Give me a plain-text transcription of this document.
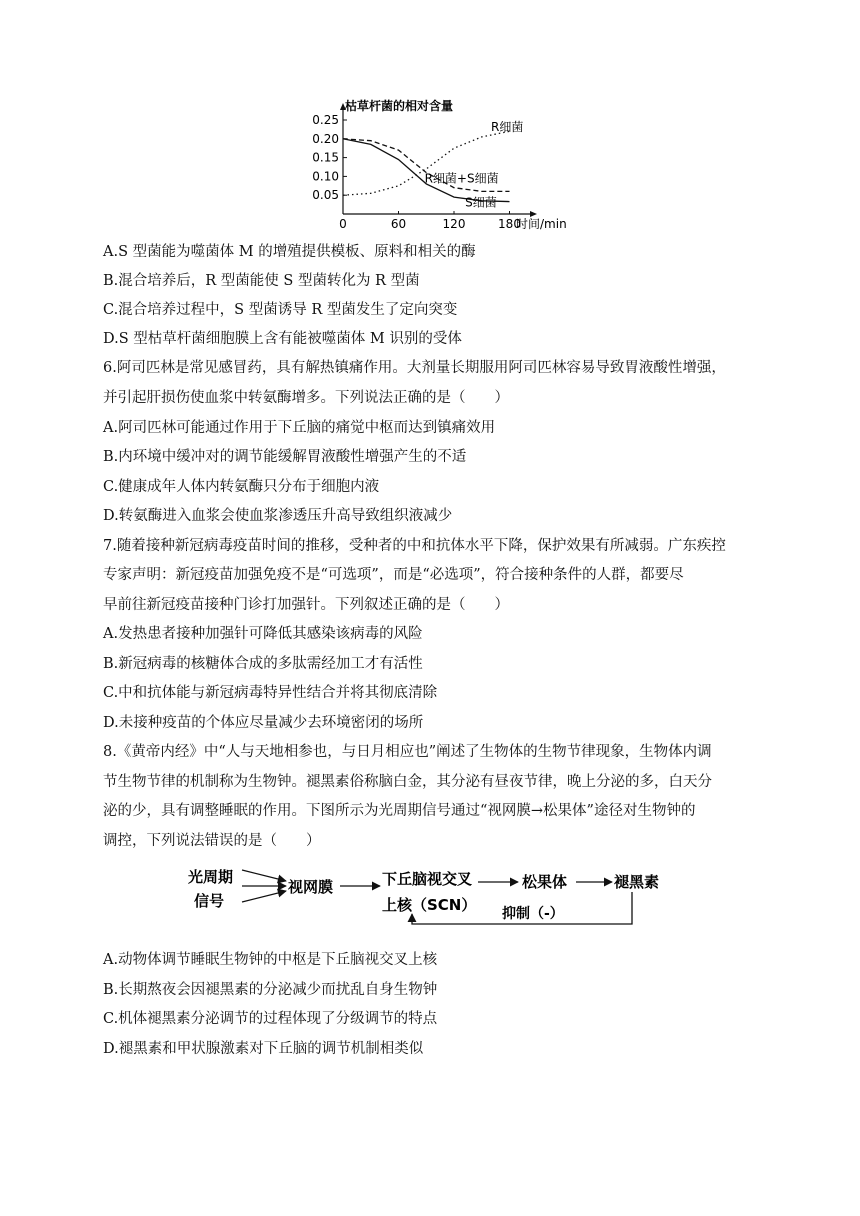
0.05
0.10
0.15
0.20
0.25
0	60	120	180
枯草杆菌的相对含量
时间/min
R细菌
R细菌+S细菌
S细菌
A.S 型菌能为噬菌体 M 的增殖提供模板、原料和相关的酶
B.混合培养后，R 型菌能使 S 型菌转化为 R 型菌
C.混合培养过程中，S 型菌诱导 R 型菌发生了定向突变
D.S 型枯草杆菌细胞膜上含有能被噬菌体 M 识别的受体
6.阿司匹林是常见感冒药，具有解热镇痛作用。大剂量长期服用阿司匹林容易导致胃液酸性增强，
并引起肝损伤使血浆中转氨酶增多。下列说法正确的是（　　）
A.阿司匹林可能通过作用于下丘脑的痛觉中枢而达到镇痛效用
B.内环境中缓冲对的调节能缓解胃液酸性增强产生的不适
C.健康成年人体内转氨酶只分布于细胞内液
D.转氨酶进入血浆会使血浆渗透压升高导致组织液减少
7.随着接种新冠病毒疫苗时间的推移，受种者的中和抗体水平下降，保护效果有所减弱。广东疾控
专家声明：新冠疫苗加强免疫不是“可选项”，而是“必选项”，符合接种条件的人群，都要尽
早前往新冠疫苗接种门诊打加强针。下列叙述正确的是（　　）
A.发热患者接种加强针可降低其感染该病毒的风险
B.新冠病毒的核糖体合成的多肽需经加工才有活性
C.中和抗体能与新冠病毒特异性结合并将其彻底清除
D.未接种疫苗的个体应尽量减少去环境密闭的场所
8.《黄帝内经》中“人与天地相参也，与日月相应也”阐述了生物体的生物节律现象，生物体内调
节生物节律的机制称为生物钟。褪黑素俗称脑白金，其分泌有昼夜节律，晚上分泌的多，白天分
泌的少，具有调整睡眠的作用。下图所示为光周期信号通过“视网膜→松果体”途径对生物钟的
调控，下列说法错误的是（　　）
光周期
信号
视网膜	下丘脑视交叉
上核（SCN）
松果体	褪黑素
抑制（-）
A.动物体调节睡眠生物钟的中枢是下丘脑视交叉上核
B.长期熬夜会因褪黑素的分泌减少而扰乱自身生物钟
C.机体褪黑素分泌调节的过程体现了分级调节的特点
D.褪黑素和甲状腺激素对下丘脑的调节机制相类似
